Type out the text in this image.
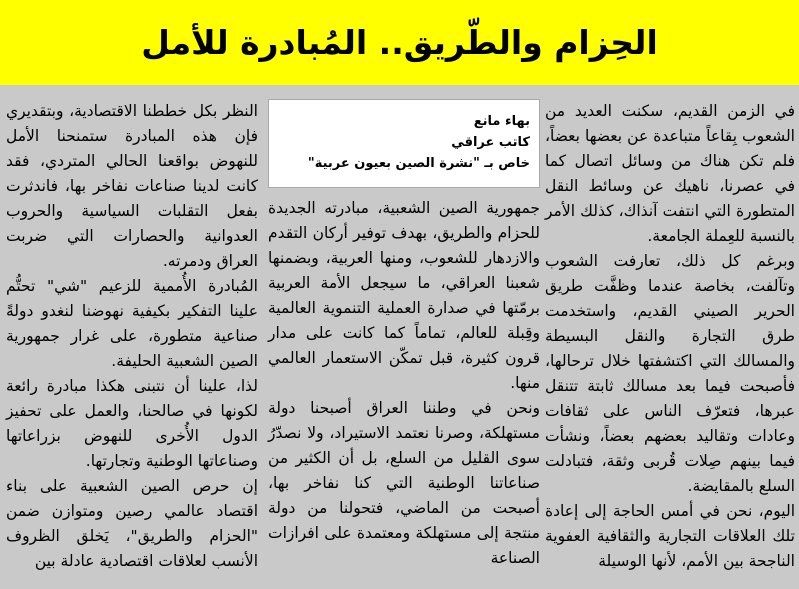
الحِزام والطّريق.. المُبادرة للأمل

في الزمن القديم، سكنت العديد من الشعوب بِقاعاً متباعدة عن بعضها بعضاً، فلم تكن هناك من وسائل اتصال كما في عصرنا، ناهيك عن وسائط النقل المتطورة التي انتفت آنذاك، كذلك الأمر بالنسبة للعِملة الجامعة.

وبرغم كل ذلك، تعارفت الشعوب وتآلفت، بخاصة عندما وظفَّت طريق الحرير الصيني القديم، واستخدمت طرق التجارة والنقل البسيطة والمسالك التي اكتشفتها خلال ترحالها، فأصبحت فيما بعد مسالك ثابتة تتنقل عبرها، فتعرّف الناس على ثقافات وعادات وتقاليد بعضهم بعضاً، ونشأت فيما بينهم صِلات قُربى وثقة، فتبادلت السلع بالمقايضة.

اليوم، نحن في أمس الحاجة إلى إعادة تلك العلاقات التجارية والثقافية العفوية الناجحة بين الأمم، لأنها الوسيلة

بهاء مانع
كاتب عراقي
خاص بـ "نشرة الصين بعيون عربية"

جمهورية الصين الشعبية، مبادرته الجديدة للحزام والطريق، بهدف توفير أركان التقدم والازدهار للشعوب، ومنها العربية، وبضمنها شعبنا العراقي، ما سيجعل الأمة العربية برمّتها في صدارة العملية التنموية العالمية وقِبلة للعالم، تماماً كما كانت على مدار قرون كثيرة، قبل تمكّن الاستعمار العالمي منها.

ونحن في وطننا العراق أصبحنا دولة مستهلكة، وصرنا نعتمد الاستيراد، ولا نصدّرُ سوى القليل من السلع، بل أن الكثير من صناعاتنا الوطنية التي كنا نفاخر بها، أصبحت من الماضي، فتحولنا من دولة منتجة إلى مستهلكة ومعتمدة على افرازات الصناعة

النظر بكل خططنا الاقتصادية، وبتقديري فإن هذه المبادرة ستمنحنا الأمل للنهوض بواقعنا الحالي المتردي، فقد كانت لدينا صناعات نفاخر بها، فاندثرت بفعل التقلبات السياسية والحروب العدوانية والحصارات التي ضربت العراق ودمرته.

المُبادرة الأُممية للزعيم "شي" تحتُّم علينا التفكير بكيفية نهوضنا لنغدو دولةً صناعية متطورة، على غرار جمهورية الصين الشعبية الحليفة.

لذا، علينا أن نتبنى هكذا مبادرة رائعة لكونها في صالحنا، والعمل على تحفيز الدول الأُخرى للنهوض بزراعاتها وصناعاتها الوطنية وتجارتها.

إن حرص الصين الشعبية على بناء اقتصاد عالمي رصين ومتوازن ضمن "الحزام والطريق"، يَخلق الظروف الأنسب لعلاقات اقتصادية عادلة بين
